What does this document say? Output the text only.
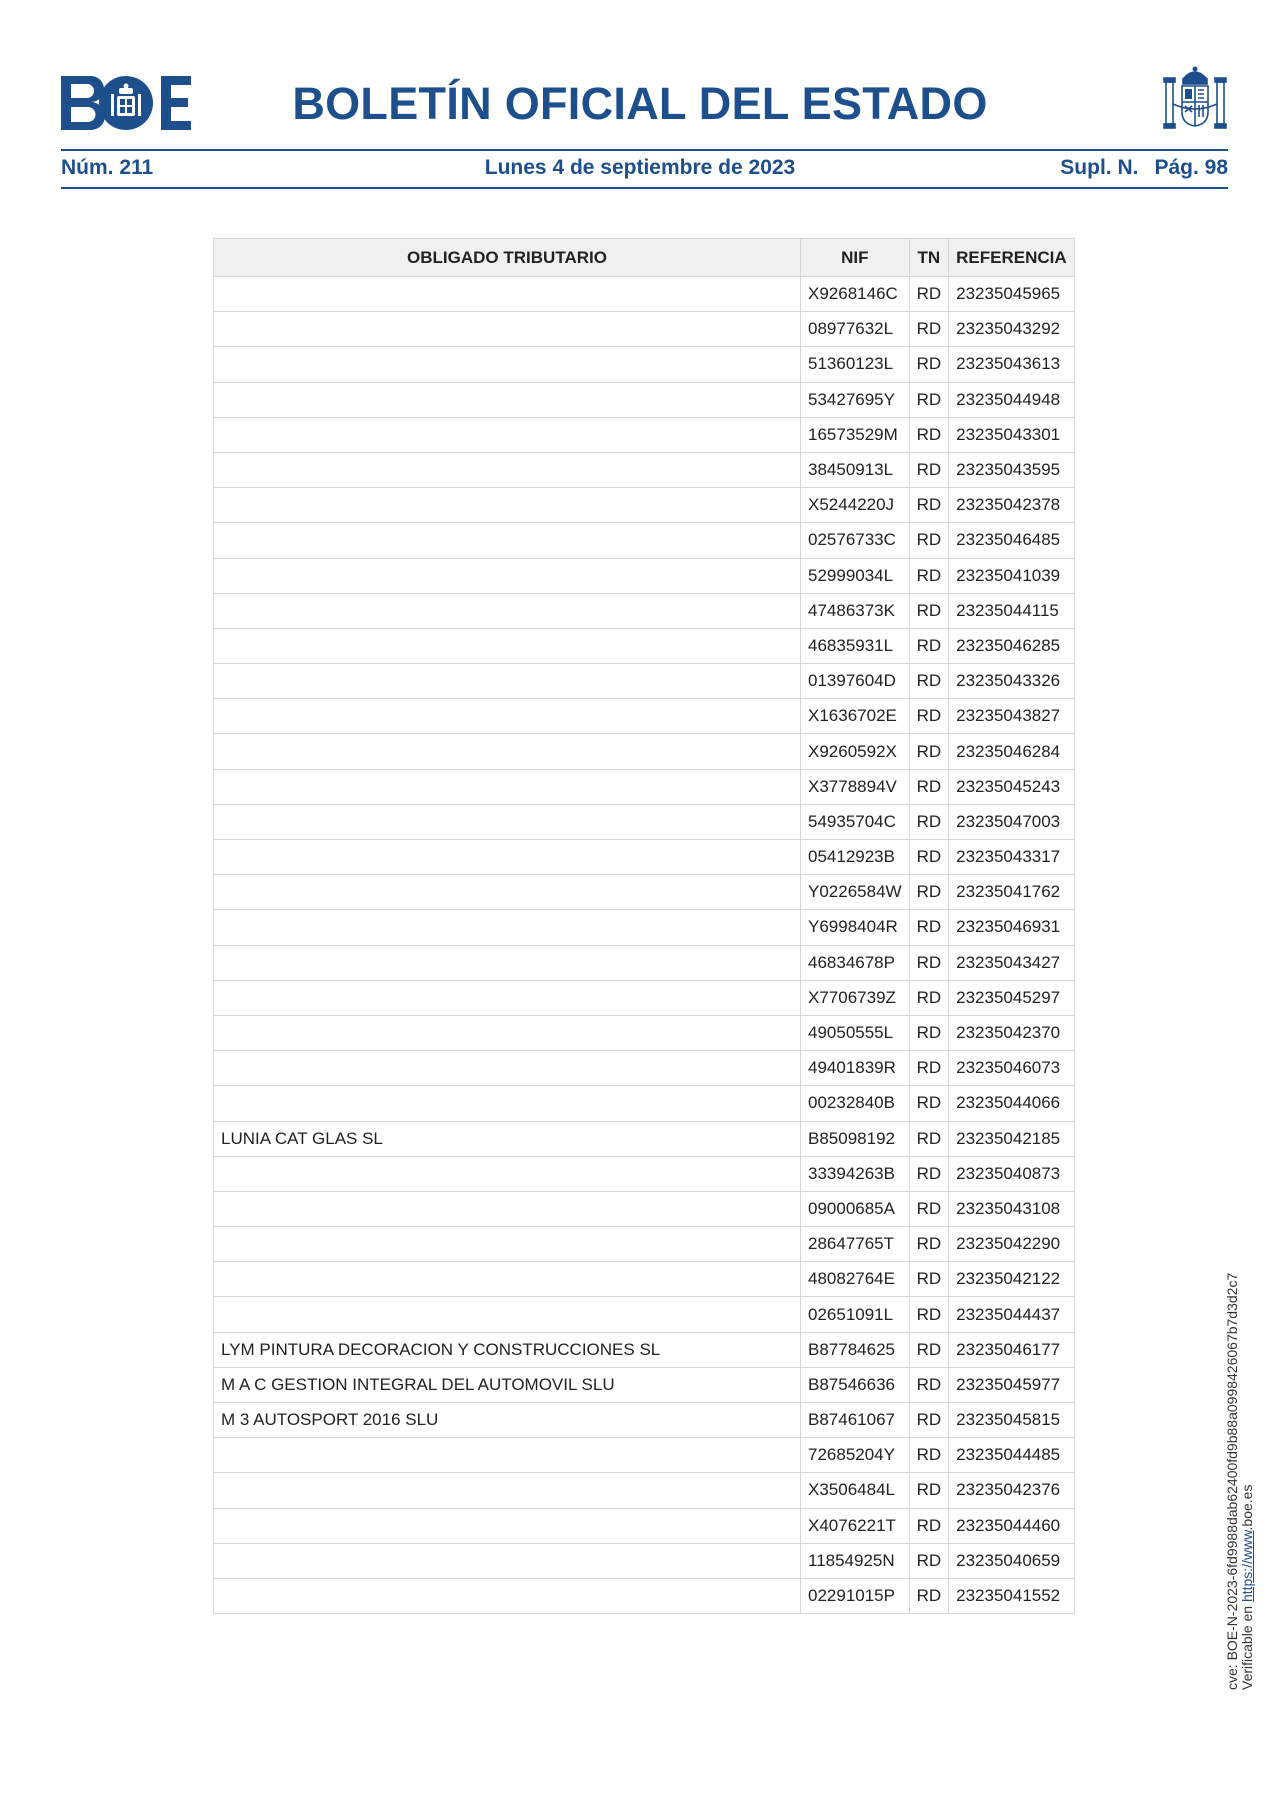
BOLETÍN OFICIAL DEL ESTADO
Núm. 211	Lunes 4 de septiembre de 2023	Supl. N. Pág. 98
OBLIGADO TRIBUTARIO	NIF	TN	REFERENCIA
	X9268146C	RD	23235045965
	08977632L	RD	23235043292
	51360123L	RD	23235043613
	53427695Y	RD	23235044948
	16573529M	RD	23235043301
	38450913L	RD	23235043595
	X5244220J	RD	23235042378
	02576733C	RD	23235046485
	52999034L	RD	23235041039
	47486373K	RD	23235044115
	46835931L	RD	23235046285
	01397604D	RD	23235043326
	X1636702E	RD	23235043827
	X9260592X	RD	23235046284
	X3778894V	RD	23235045243
	54935704C	RD	23235047003
	05412923B	RD	23235043317
	Y0226584W	RD	23235041762
	Y6998404R	RD	23235046931
	46834678P	RD	23235043427
	X7706739Z	RD	23235045297
	49050555L	RD	23235042370
	49401839R	RD	23235046073
	00232840B	RD	23235044066
LUNIA CAT GLAS SL	B85098192	RD	23235042185
	33394263B	RD	23235040873
	09000685A	RD	23235043108
	28647765T	RD	23235042290
	48082764E	RD	23235042122
	02651091L	RD	23235044437
LYM PINTURA DECORACION Y CONSTRUCCIONES SL	B87784625	RD	23235046177
M A C GESTION INTEGRAL DEL AUTOMOVIL SLU	B87546636	RD	23235045977
M 3 AUTOSPORT 2016 SLU	B87461067	RD	23235045815
	72685204Y	RD	23235044485
	X3506484L	RD	23235042376
	X4076221T	RD	23235044460
	11854925N	RD	23235040659
	02291015P	RD	23235041552	cve: BOE-N-2023-6fd9988dab62400fd9b88a0998426067b7d3d2c7 Verificable en https://www.boe.es
